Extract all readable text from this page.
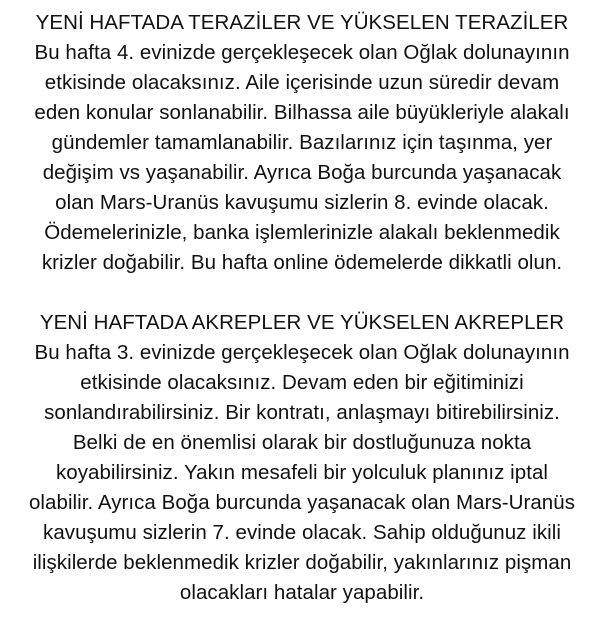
YENİ HAFTADA TERAZİLER VE YÜKSELEN TERAZİLER
Bu hafta 4. evinizde gerçekleşecek olan Oğlak dolunayının
etkisinde olacaksınız. Aile içerisinde uzun süredir devam
eden konular sonlanabilir. Bilhassa aile büyükleriyle alakalı
gündemler tamamlanabilir. Bazılarınız için taşınma, yer
değişim vs yaşanabilir. Ayrıca Boğa burcunda yaşanacak
olan Mars-Uranüs kavuşumu sizlerin 8. evinde olacak.
Ödemelerinizle, banka işlemlerinizle alakalı beklenmedik
krizler doğabilir. Bu hafta online ödemelerde dikkatli olun.
YENİ HAFTADA AKREPLER VE YÜKSELEN AKREPLER
Bu hafta 3. evinizde gerçekleşecek olan Oğlak dolunayının
etkisinde olacaksınız. Devam eden bir eğitiminizi
sonlandırabilirsiniz. Bir kontratı, anlaşmayı bitirebilirsiniz.
Belki de en önemlisi olarak bir dostluğunuza nokta
koyabilirsiniz. Yakın mesafeli bir yolculuk planınız iptal
olabilir. Ayrıca Boğa burcunda yaşanacak olan Mars-Uranüs
kavuşumu sizlerin 7. evinde olacak. Sahip olduğunuz ikili
ilişkilerde beklenmedik krizler doğabilir, yakınlarınız pişman
olacakları hatalar yapabilir.
